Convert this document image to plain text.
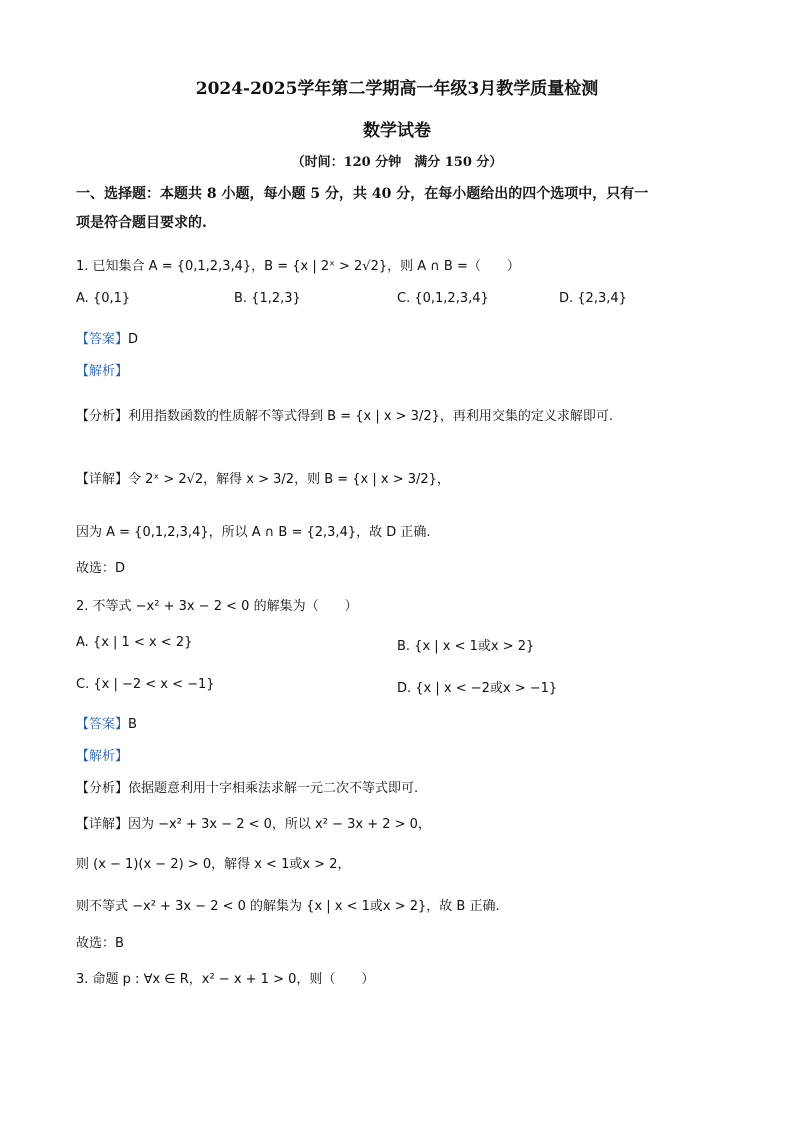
2024-2025学年第二学期高一年级3月教学质量检测
数学试卷
（时间：120 分钟　满分 150 分）
一、选择题：本题共 8 小题，每小题 5 分，共 40 分，在每小题给出的四个选项中，只有一
项是符合题目要求的.
1. 已知集合 A = {0,1,2,3,4}，B = {x | 2ˣ > 2√2}，则 A ∩ B =（　　）
A. {0,1}	B. {1,2,3}	C. {0,1,2,3,4}	D. {2,3,4}
【答案】D
【解析】
【分析】利用指数函数的性质解不等式得到 B = {x | x > 3/2}，再利用交集的定义求解即可.
【详解】令 2ˣ > 2√2，解得 x > 3/2，则 B = {x | x > 3/2}，
因为 A = {0,1,2,3,4}，所以 A ∩ B = {2,3,4}，故 D 正确.
故选：D
2. 不等式 −x² + 3x − 2 < 0 的解集为（　　）
A. {x | 1 < x < 2}	B. {x | x < 1或x > 2}
C. {x | −2 < x < −1}	D. {x | x < −2或x > −1}
【答案】B
【解析】
【分析】依据题意利用十字相乘法求解一元二次不等式即可.
【详解】因为 −x² + 3x − 2 < 0，所以 x² − 3x + 2 > 0，
则 (x − 1)(x − 2) > 0，解得 x < 1或x > 2，
则不等式 −x² + 3x − 2 < 0 的解集为 {x | x < 1或x > 2}，故 B 正确.
故选：B
3. 命题 p : ∀x ∈ R，x² − x + 1 > 0，则（　　）
